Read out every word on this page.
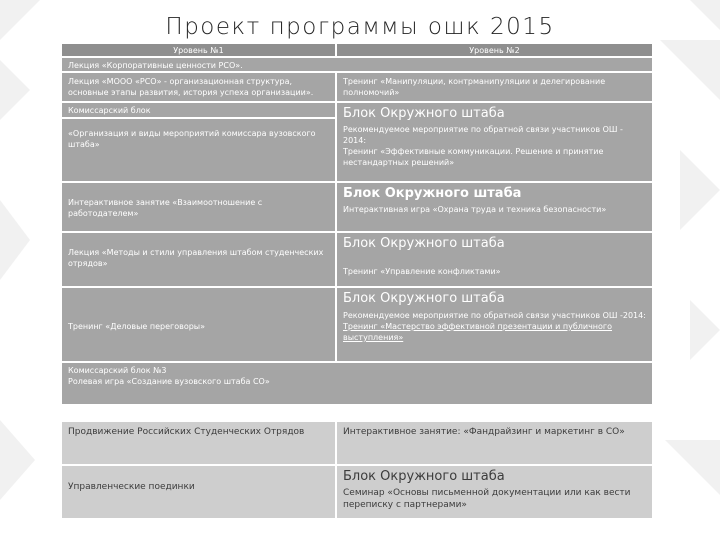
Проект программы ошк 2015
Уровень №1	Уровень №2
Лекция «Корпоративные ценности РСО».
Лекция «МООО «РСО» - организационная структура, основные этапы развития, история успеха организации».
Тренинг «Манипуляции, контрманипуляции и делегирование полномочий»
Комиссарский блок
«Организация и виды мероприятий комиссара вузовского штаба»
Блок Окружного штаба
Рекомендуемое мероприятие по обратной связи участников ОШ - 2014:
Тренинг «Эффективные коммуникации. Решение и принятие нестандартных решений»
Интерактивное занятие «Взаимоотношение с работодателем»
Блок Окружного штаба
Интерактивная игра «Охрана труда и техника безопасности»
Лекция «Методы и стили управления штабом студенческих отрядов»
Блок Окружного штаба
Тренинг «Управление конфликтами»
Тренинг «Деловые переговоры»
Блок Окружного штаба
Рекомендуемое мероприятие по обратной связи участников ОШ -2014:
Тренинг «Мастерство эффективной презентации и публичного выступления»
Комиссарский блок №3
Ролевая игра «Создание вузовского штаба СО»
Продвижение Российских Студенческих Отрядов	Интерактивное занятие: «Фандрайзинг и маркетинг в СО»
Управленческие поединки
Блок Окружного штаба
Семинар «Основы письменной документации или как вести переписку с партнерами»
